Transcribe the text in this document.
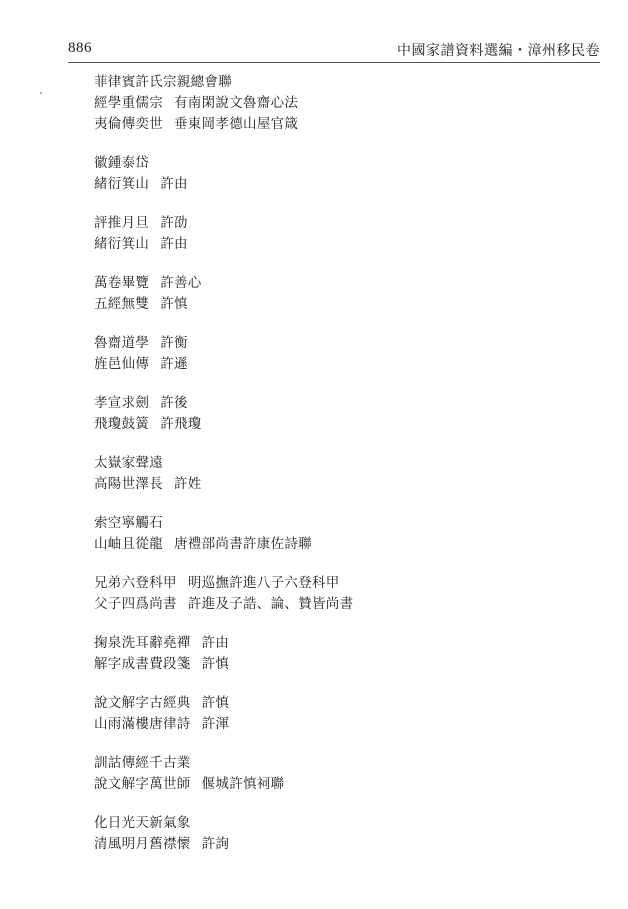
886	中國家譜資料選編・漳州移民卷
菲律賓許氏宗親總會聯
經學重儒宗 有南閑說文魯齋心法
夷倫傳奕世 垂東岡孝德山屋官箴
徽鍾泰岱
緒衍箕山 許由
評推月旦 許劭
緒衍箕山 許由
萬卷畢覽 許善心
五經無雙 許慎
魯齋道學 許衡
旌邑仙傳 許遜
孝宣求劍 許後
飛瓊鼓簧 許飛瓊
太嶽家聲遠
高陽世澤長 許姓
索空寧觸石
山岫且從龍 唐禮部尚書許康佐詩聯
兄弟六登科甲 明巡撫許進八子六登科甲
父子四爲尚書 許進及子誥、論、贊皆尚書
掬泉洗耳辭堯禪 許由
解字成書費段箋 許慎
說文解字古經典 許慎
山雨滿樓唐律詩 許渾
訓詁傳經千古業
說文解字萬世師 偃城許慎祠聯
化日光天新氣象
清風明月舊襟懷 許詢
